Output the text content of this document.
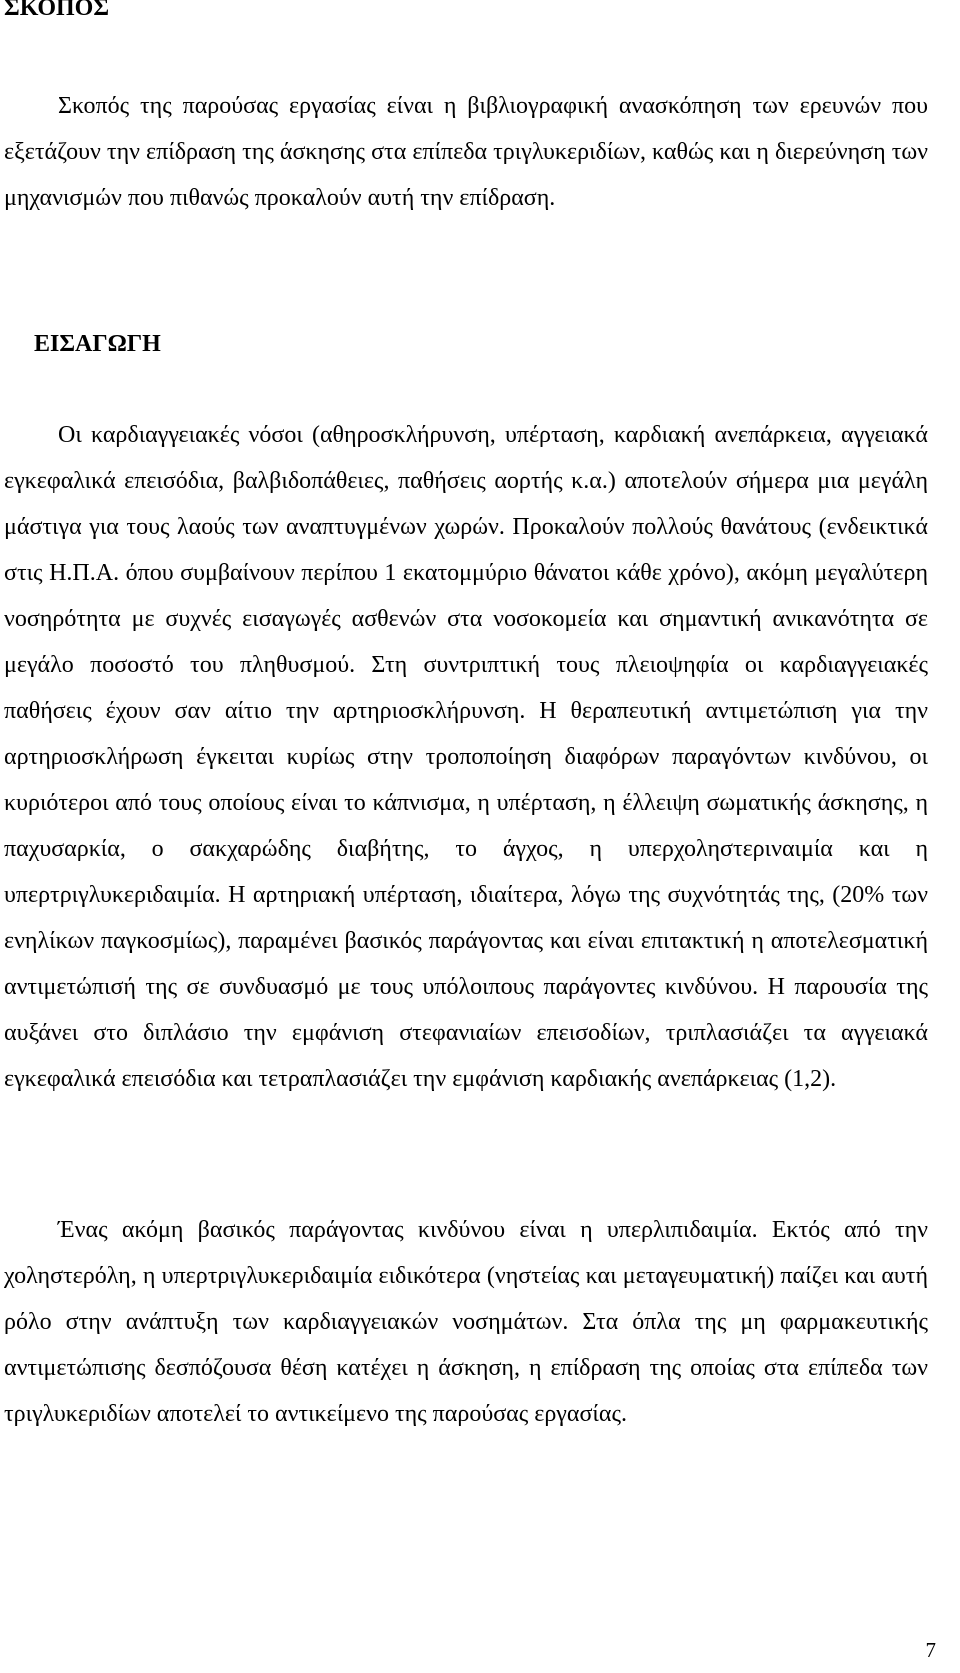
ΣΚΟΠΟΣ

Σκοπός της παρούσας εργασίας είναι η βιβλιογραφική ανασκόπηση των ερευνών που εξετάζουν την επίδραση της άσκησης στα επίπεδα τριγλυκεριδίων, καθώς και η διερεύνηση των μηχανισμών που πιθανώς προκαλούν αυτή την επίδραση.

ΕΙΣΑΓΩΓΗ

Οι καρδιαγγειακές νόσοι (αθηροσκλήρυνση, υπέρταση, καρδιακή ανεπάρκεια, αγγειακά εγκεφαλικά επεισόδια, βαλβιδοπάθειες, παθήσεις αορτής κ.α.) αποτελούν σήμερα μια μεγάλη μάστιγα για τους λαούς των αναπτυγμένων χωρών. Προκαλούν πολλούς θανάτους (ενδεικτικά στις Η.Π.Α. όπου συμβαίνουν περίπου 1 εκατομμύριο θάνατοι κάθε χρόνο), ακόμη μεγαλύτερη νοσηρότητα με συχνές εισαγωγές ασθενών στα νοσοκομεία και σημαντική ανικανότητα σε μεγάλο ποσοστό του πληθυσμού. Στη συντριπτική τους πλειοψηφία οι καρδιαγγειακές παθήσεις έχουν σαν αίτιο την αρτηριοσκλήρυνση. Η θεραπευτική αντιμετώπιση για την αρτηριοσκλήρωση έγκειται κυρίως στην τροποποίηση διαφόρων παραγόντων κινδύνου, οι κυριότεροι από τους οποίους είναι το κάπνισμα, η υπέρταση, η έλλειψη σωματικής άσκησης, η παχυσαρκία, ο σακχαρώδης διαβήτης, το άγχος, η υπερχοληστεριναιμία και η υπερτριγλυκεριδαιμία. Η αρτηριακή υπέρταση, ιδιαίτερα, λόγω της συχνότητάς της, (20% των ενηλίκων παγκοσμίως), παραμένει βασικός παράγοντας και είναι επιτακτική η αποτελεσματική αντιμετώπισή της σε συνδυασμό με τους υπόλοιπους παράγοντες κινδύνου. Η παρουσία της αυξάνει στο διπλάσιο την εμφάνιση στεφανιαίων επεισοδίων, τριπλασιάζει τα αγγειακά εγκεφαλικά επεισόδια και τετραπλασιάζει την εμφάνιση καρδιακής ανεπάρκειας (1,2).

Ένας ακόμη βασικός παράγοντας κινδύνου είναι η υπερλιπιδαιμία. Εκτός από την χοληστερόλη, η υπερτριγλυκεριδαιμία ειδικότερα (νηστείας και μεταγευματική) παίζει και αυτή ρόλο στην ανάπτυξη των καρδιαγγειακών νοσημάτων. Στα όπλα της μη φαρμακευτικής αντιμετώπισης δεσπόζουσα θέση κατέχει η άσκηση, η επίδραση της οποίας στα επίπεδα των τριγλυκεριδίων αποτελεί το αντικείμενο της παρούσας εργασίας.

7
